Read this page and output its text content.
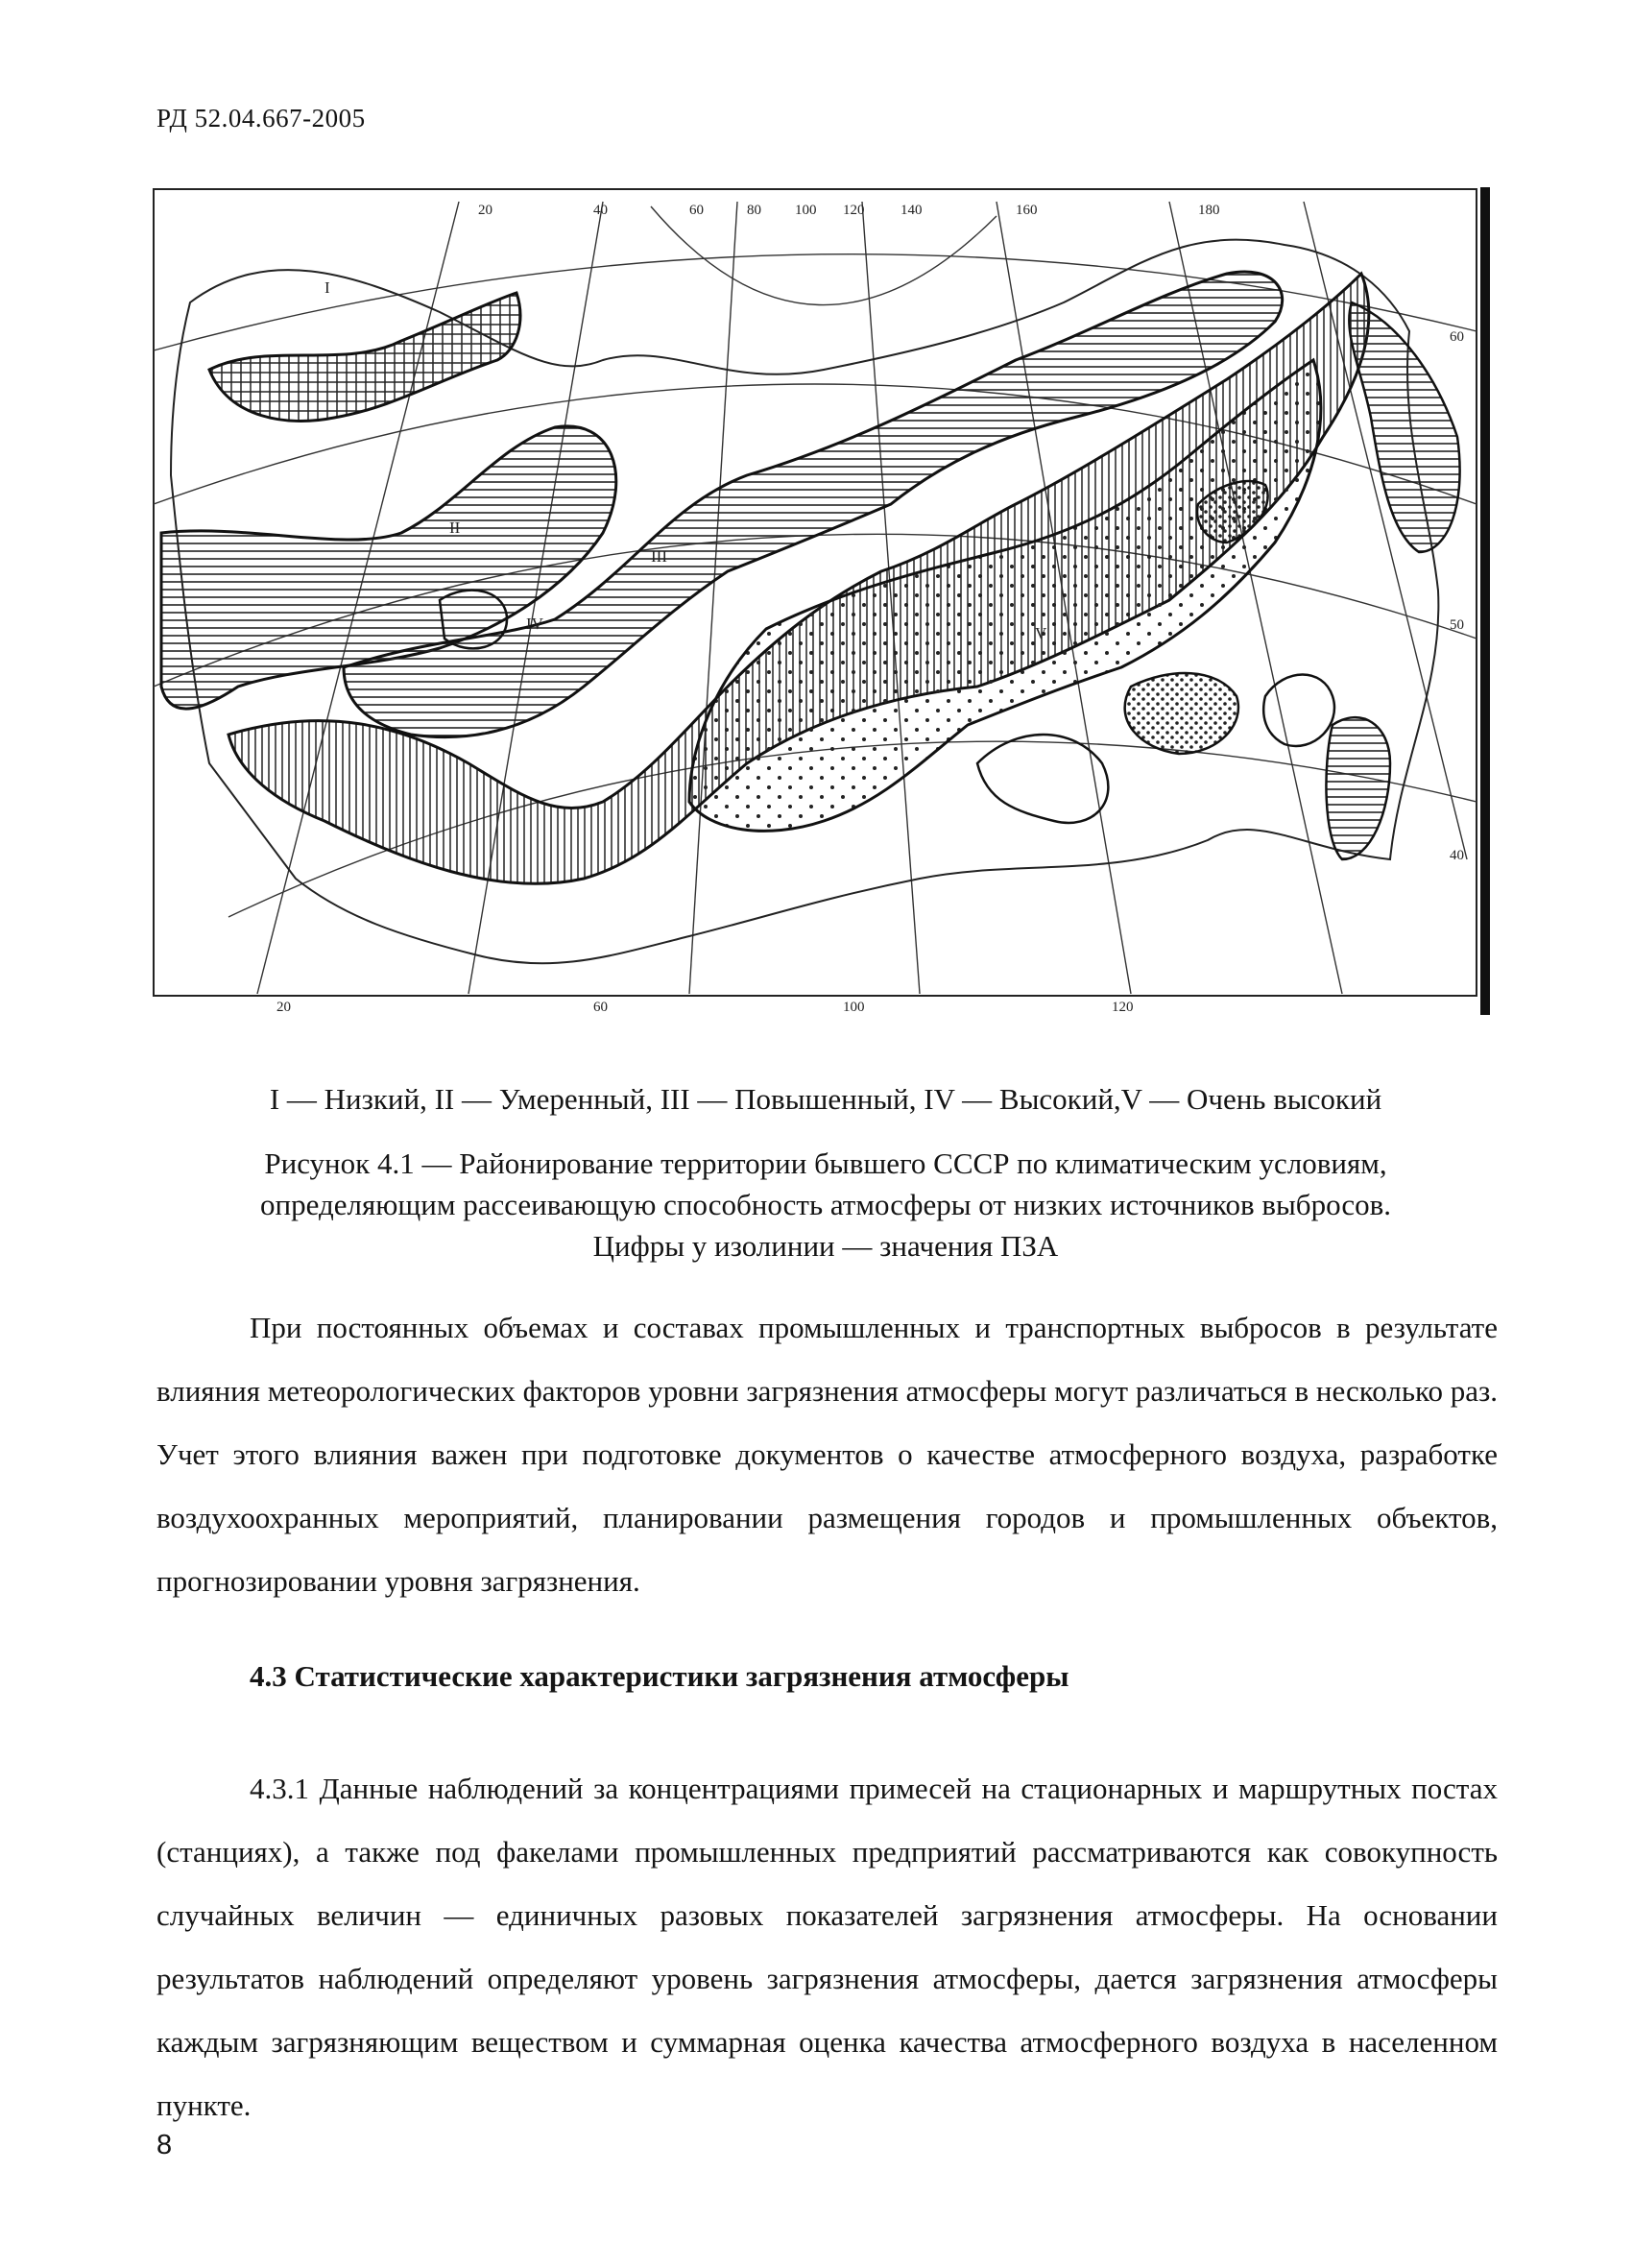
РД 52.04.667-2005
20	40	60	80 100 120	140	160	180
20	60	100	120
60
50
40
I
II
III
IV
V
I — Низкий, II — Умеренный, III — Повышенный, IV — Высокий,V — Очень высокий
Рисунок 4.1 — Районирование территории бывшего СССР по климатическим условиям,
определяющим рассеивающую способность атмосферы от низких источников выбросов.
Цифры у изолинии — значения ПЗА
При постоянных объемах и составах промышленных и транспортных выбросов в результате влияния метеорологических факторов уровни загрязнения атмосферы могут различаться в несколько раз. Учет этого влияния важен при подготовке документов о качестве атмосферного воздуха, разработке воздухоохранных мероприятий, планировании размещения городов и промышленных объектов, прогнозировании уровня загрязнения.
4.3 Статистические характеристики загрязнения атмосферы
4.3.1 Данные наблюдений за концентрациями примесей на стационарных и маршрутных постах (станциях), а также под факелами промышленных предприятий рассматриваются как совокупность случайных величин — единичных разовых показателей загрязнения атмосферы. На основании результатов наблюдений определяют уровень загрязнения атмосферы, дается загрязнения атмосферы каждым загрязняющим веществом и суммарная оценка качества атмосферного воздуха в населенном пункте.
8
